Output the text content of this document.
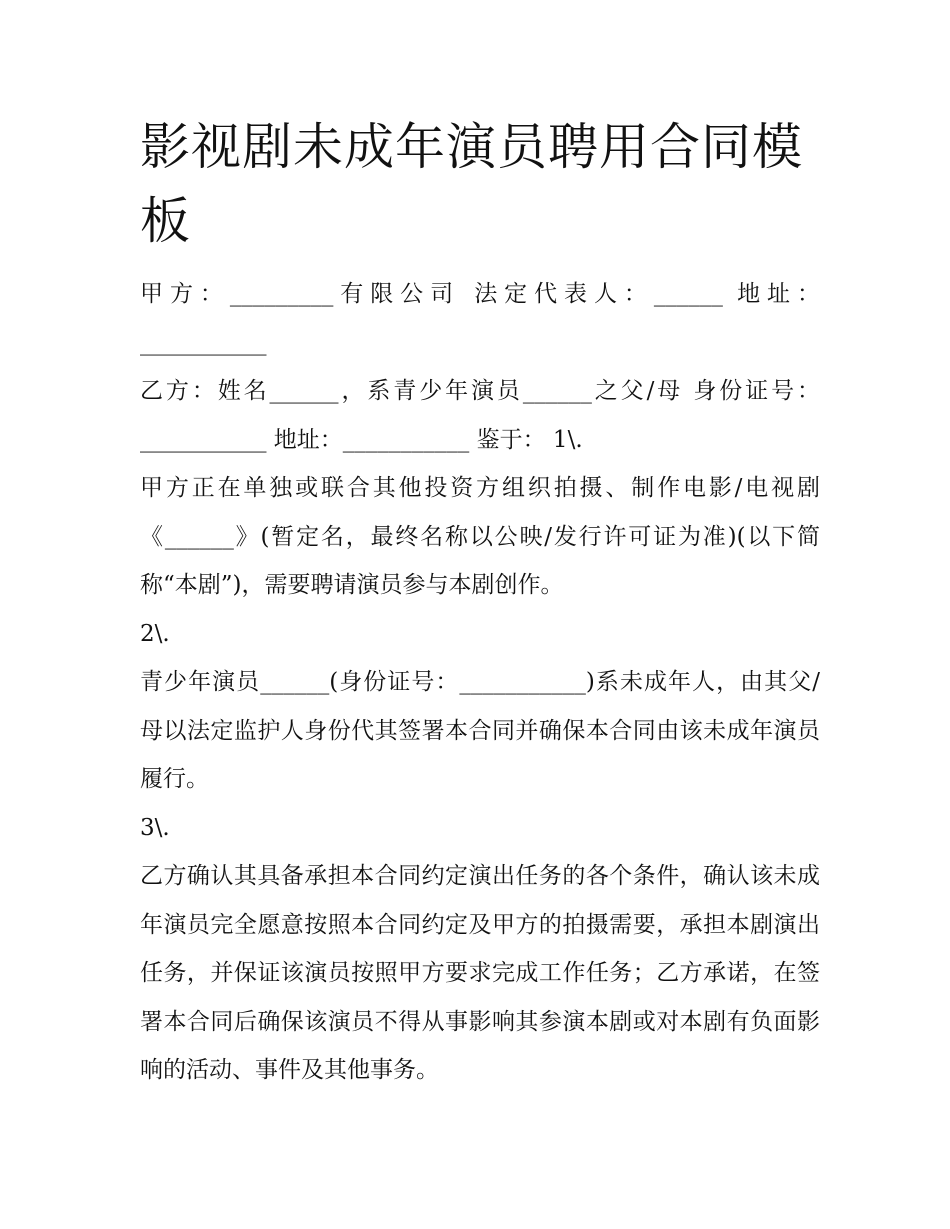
影视剧未成年演员聘用合同模板

甲方：_________有限公司 法定代表人：______ 地址：___________

乙方：姓名______，系青少年演员______之父/母 身份证号：___________ 地址：___________ 鉴于： 1\.

甲方正在单独或联合其他投资方组织拍摄、制作电影/电视剧《______》(暂定名，最终名称以公映/发行许可证为准)(以下简称“本剧”)，需要聘请演员参与本剧创作。

2\.

青少年演员______(身份证号：___________)系未成年人，由其父/母以法定监护人身份代其签署本合同并确保本合同由该未成年演员履行。

3\.

乙方确认其具备承担本合同约定演出任务的各个条件，确认该未成年演员完全愿意按照本合同约定及甲方的拍摄需要，承担本剧演出任务，并保证该演员按照甲方要求完成工作任务；乙方承诺，在签署本合同后确保该演员不得从事影响其参演本剧或对本剧有负面影响的活动、事件及其他事务。
